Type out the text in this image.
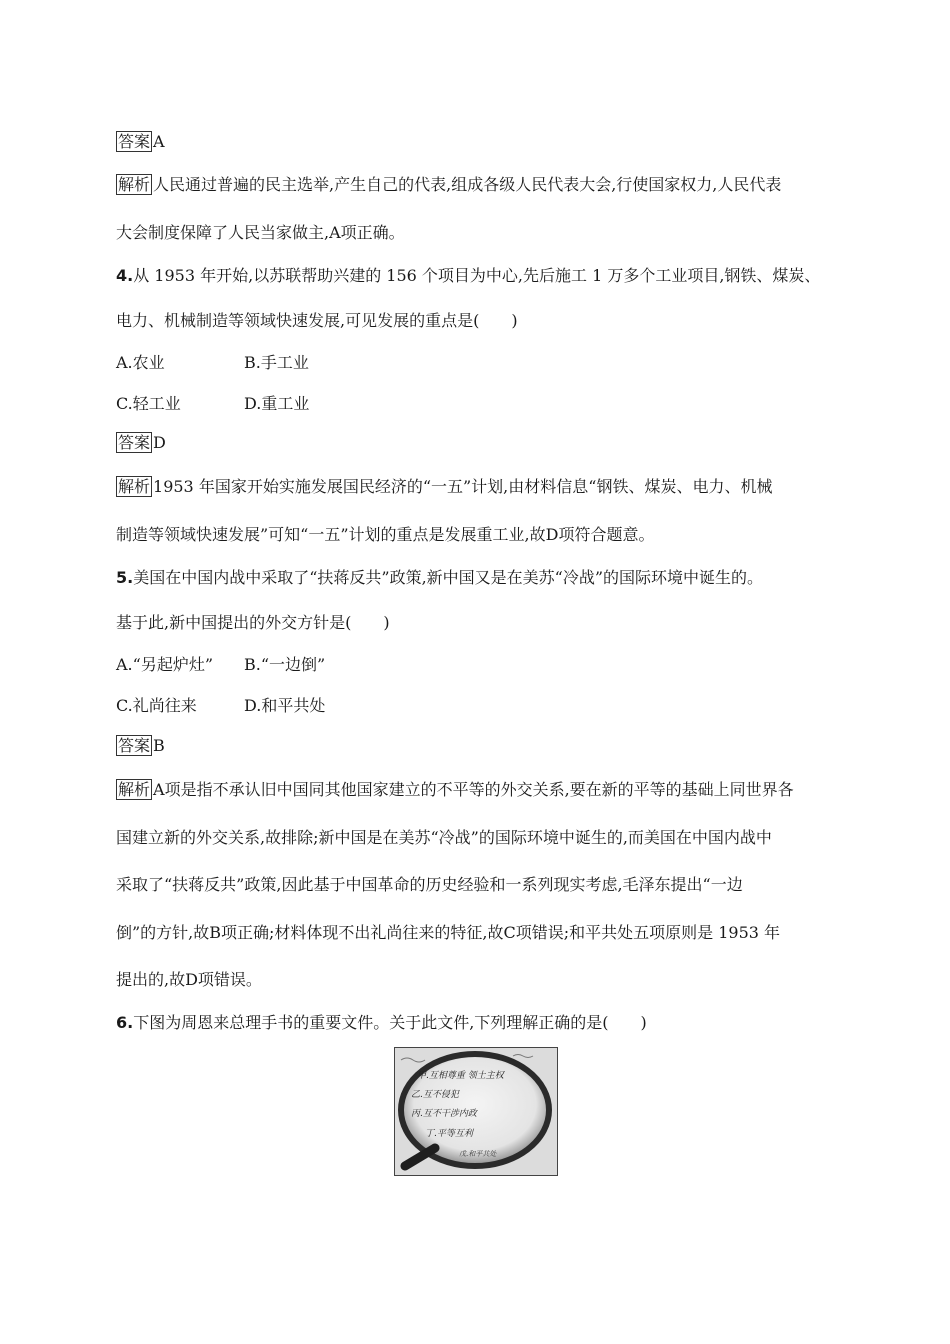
答案 A
解析 人民通过普遍的民主选举,产生自己的代表,组成各级人民代表大会,行使国家权力,人民代表
大会制度保障了人民当家做主,A项正确。
4.从 1953 年开始,以苏联帮助兴建的 156 个项目为中心,先后施工 1 万多个工业项目,钢铁、煤炭、
电力、机械制造等领域快速发展,可见发展的重点是(　　)
A.农业	B.手工业
C.轻工业	D.重工业
答案 D
解析 1953 年国家开始实施发展国民经济的“一五”计划,由材料信息“钢铁、煤炭、电力、机械
制造等领域快速发展”可知“一五”计划的重点是发展重工业,故D项符合题意。
5.美国在中国内战中采取了“扶蒋反共”政策,新中国又是在美苏“冷战”的国际环境中诞生的。
基于此,新中国提出的外交方针是(　　)
A.“另起炉灶” B.“一边倒”
C.礼尚往来	D.和平共处
答案 B
解析 A项是指不承认旧中国同其他国家建立的不平等的外交关系,要在新的平等的基础上同世界各
国建立新的外交关系,故排除;新中国是在美苏“冷战”的国际环境中诞生的,而美国在中国内战中
采取了“扶蒋反共”政策,因此基于中国革命的历史经验和一系列现实考虑,毛泽东提出“一边
倒”的方针,故B项正确;材料体现不出礼尚往来的特征,故C项错误;和平共处五项原则是 1953 年
提出的,故D项错误。
6.下图为周恩来总理手书的重要文件。关于此文件,下列理解正确的是(　　)
甲.互相尊重 领土主权
乙.互不侵犯
丙.互不干涉内政
丁.平等互利
戊.和平共处
